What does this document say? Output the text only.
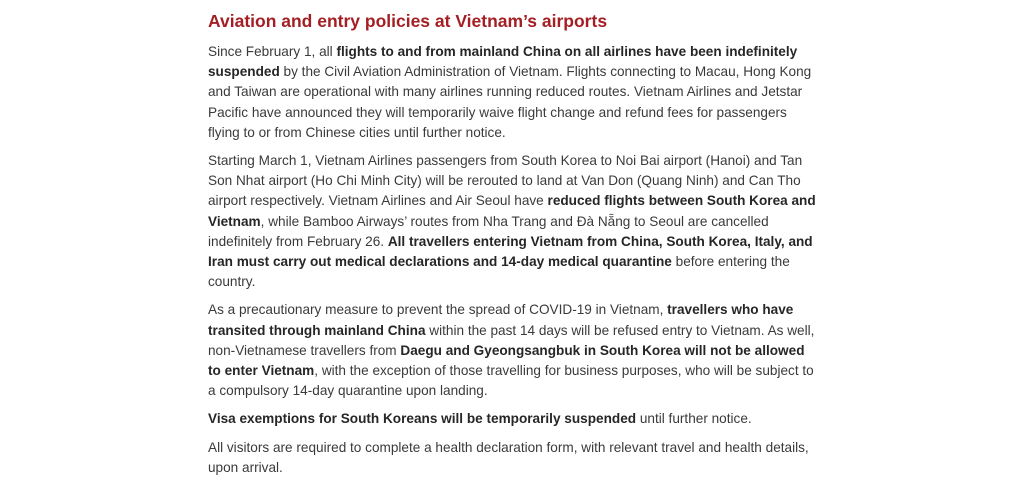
Aviation and entry policies at Vietnam’s airports

Since February 1, all flights to and from mainland China on all airlines have been indefinitely suspended by the Civil Aviation Administration of Vietnam. Flights connecting to Macau, Hong Kong and Taiwan are operational with many airlines running reduced routes. Vietnam Airlines and Jetstar Pacific have announced they will temporarily waive flight change and refund fees for passengers flying to or from Chinese cities until further notice.

Starting March 1, Vietnam Airlines passengers from South Korea to Noi Bai airport (Hanoi) and Tan Son Nhat airport (Ho Chi Minh City) will be rerouted to land at Van Don (Quang Ninh) and Can Tho airport respectively. Vietnam Airlines and Air Seoul have reduced flights between South Korea and Vietnam, while Bamboo Airways’ routes from Nha Trang and Đà Nẵng to Seoul are cancelled indefinitely from February 26. All travellers entering Vietnam from China, South Korea, Italy, and Iran must carry out medical declarations and 14-day medical quarantine before entering the country.

As a precautionary measure to prevent the spread of COVID-19 in Vietnam, travellers who have transited through mainland China within the past 14 days will be refused entry to Vietnam. As well, non-Vietnamese travellers from Daegu and Gyeongsangbuk in South Korea will not be allowed to enter Vietnam, with the exception of those travelling for business purposes, who will be subject to a compulsory 14-day quarantine upon landing.

Visa exemptions for South Koreans will be temporarily suspended until further notice.

All visitors are required to complete a health declaration form, with relevant travel and health details, upon arrival.
